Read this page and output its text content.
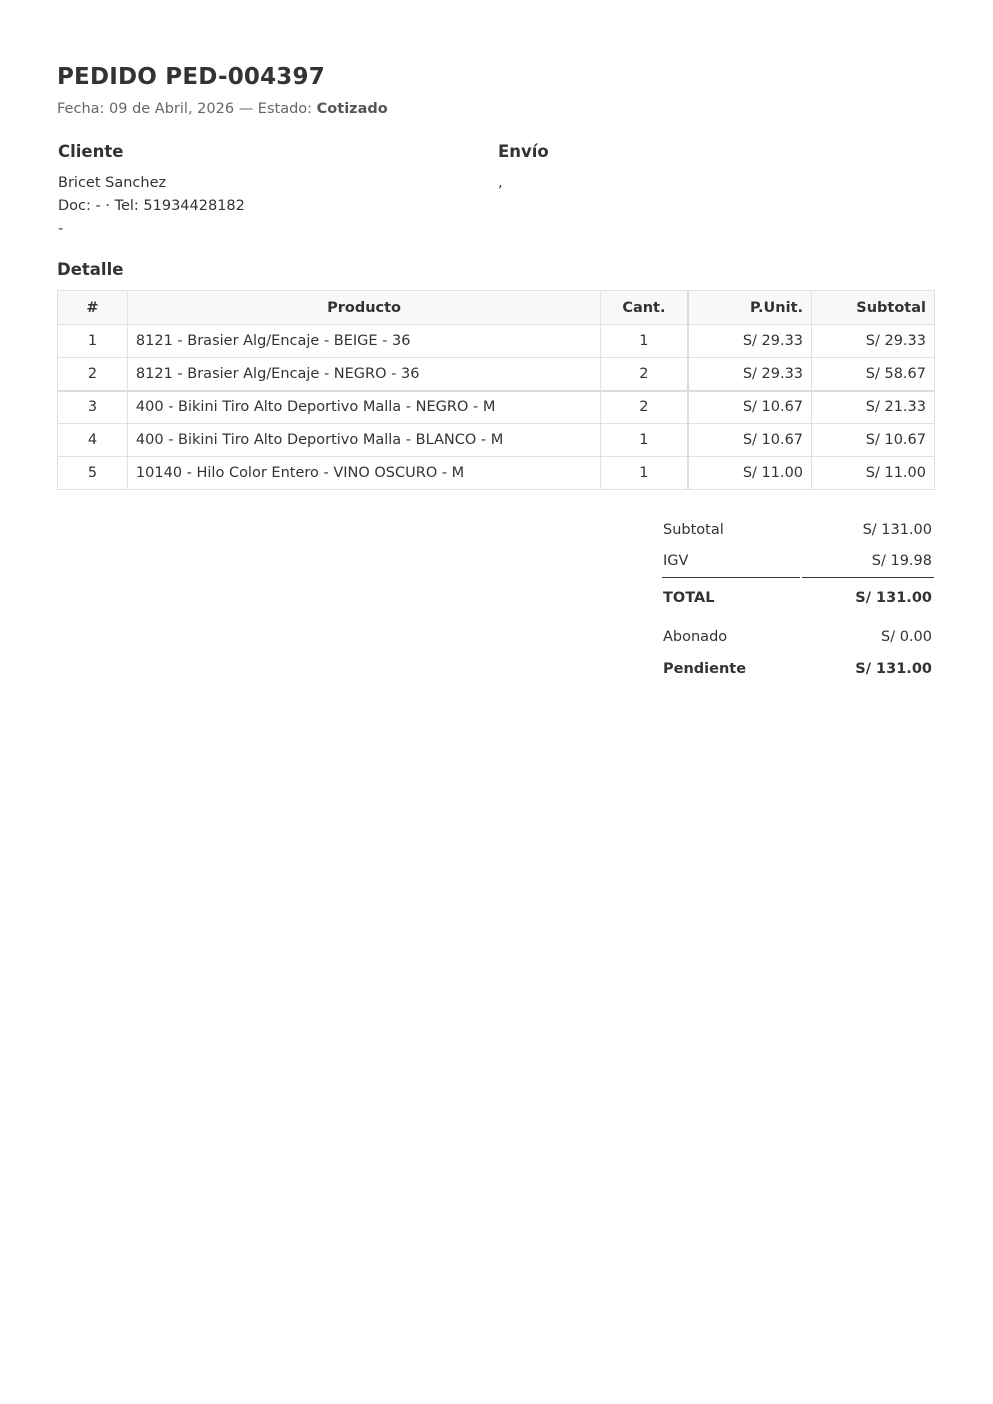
PEDIDO PED-004397
Fecha: 09 de Abril, 2026 — Estado: Cotizado
Cliente
Bricet Sanchez
Doc: - · Tel: 51934428182
-
Envío
,
Detalle
#	Producto	Cant.	P.Unit.	Subtotal
1	8121 - Brasier Alg/Encaje - BEIGE - 36	1	S/ 29.33	S/ 29.33
2	8121 - Brasier Alg/Encaje - NEGRO - 36	2	S/ 29.33	S/ 58.67
3	400 - Bikini Tiro Alto Deportivo Malla - NEGRO - M	2	S/ 10.67	S/ 21.33
4	400 - Bikini Tiro Alto Deportivo Malla - BLANCO - M	1	S/ 10.67	S/ 10.67
5	10140 - Hilo Color Entero - VINO OSCURO - M	1	S/ 11.00	S/ 11.00
Subtotal	S/ 131.00
IGV	S/ 19.98
TOTAL	S/ 131.00
Abonado	S/ 0.00
Pendiente	S/ 131.00
